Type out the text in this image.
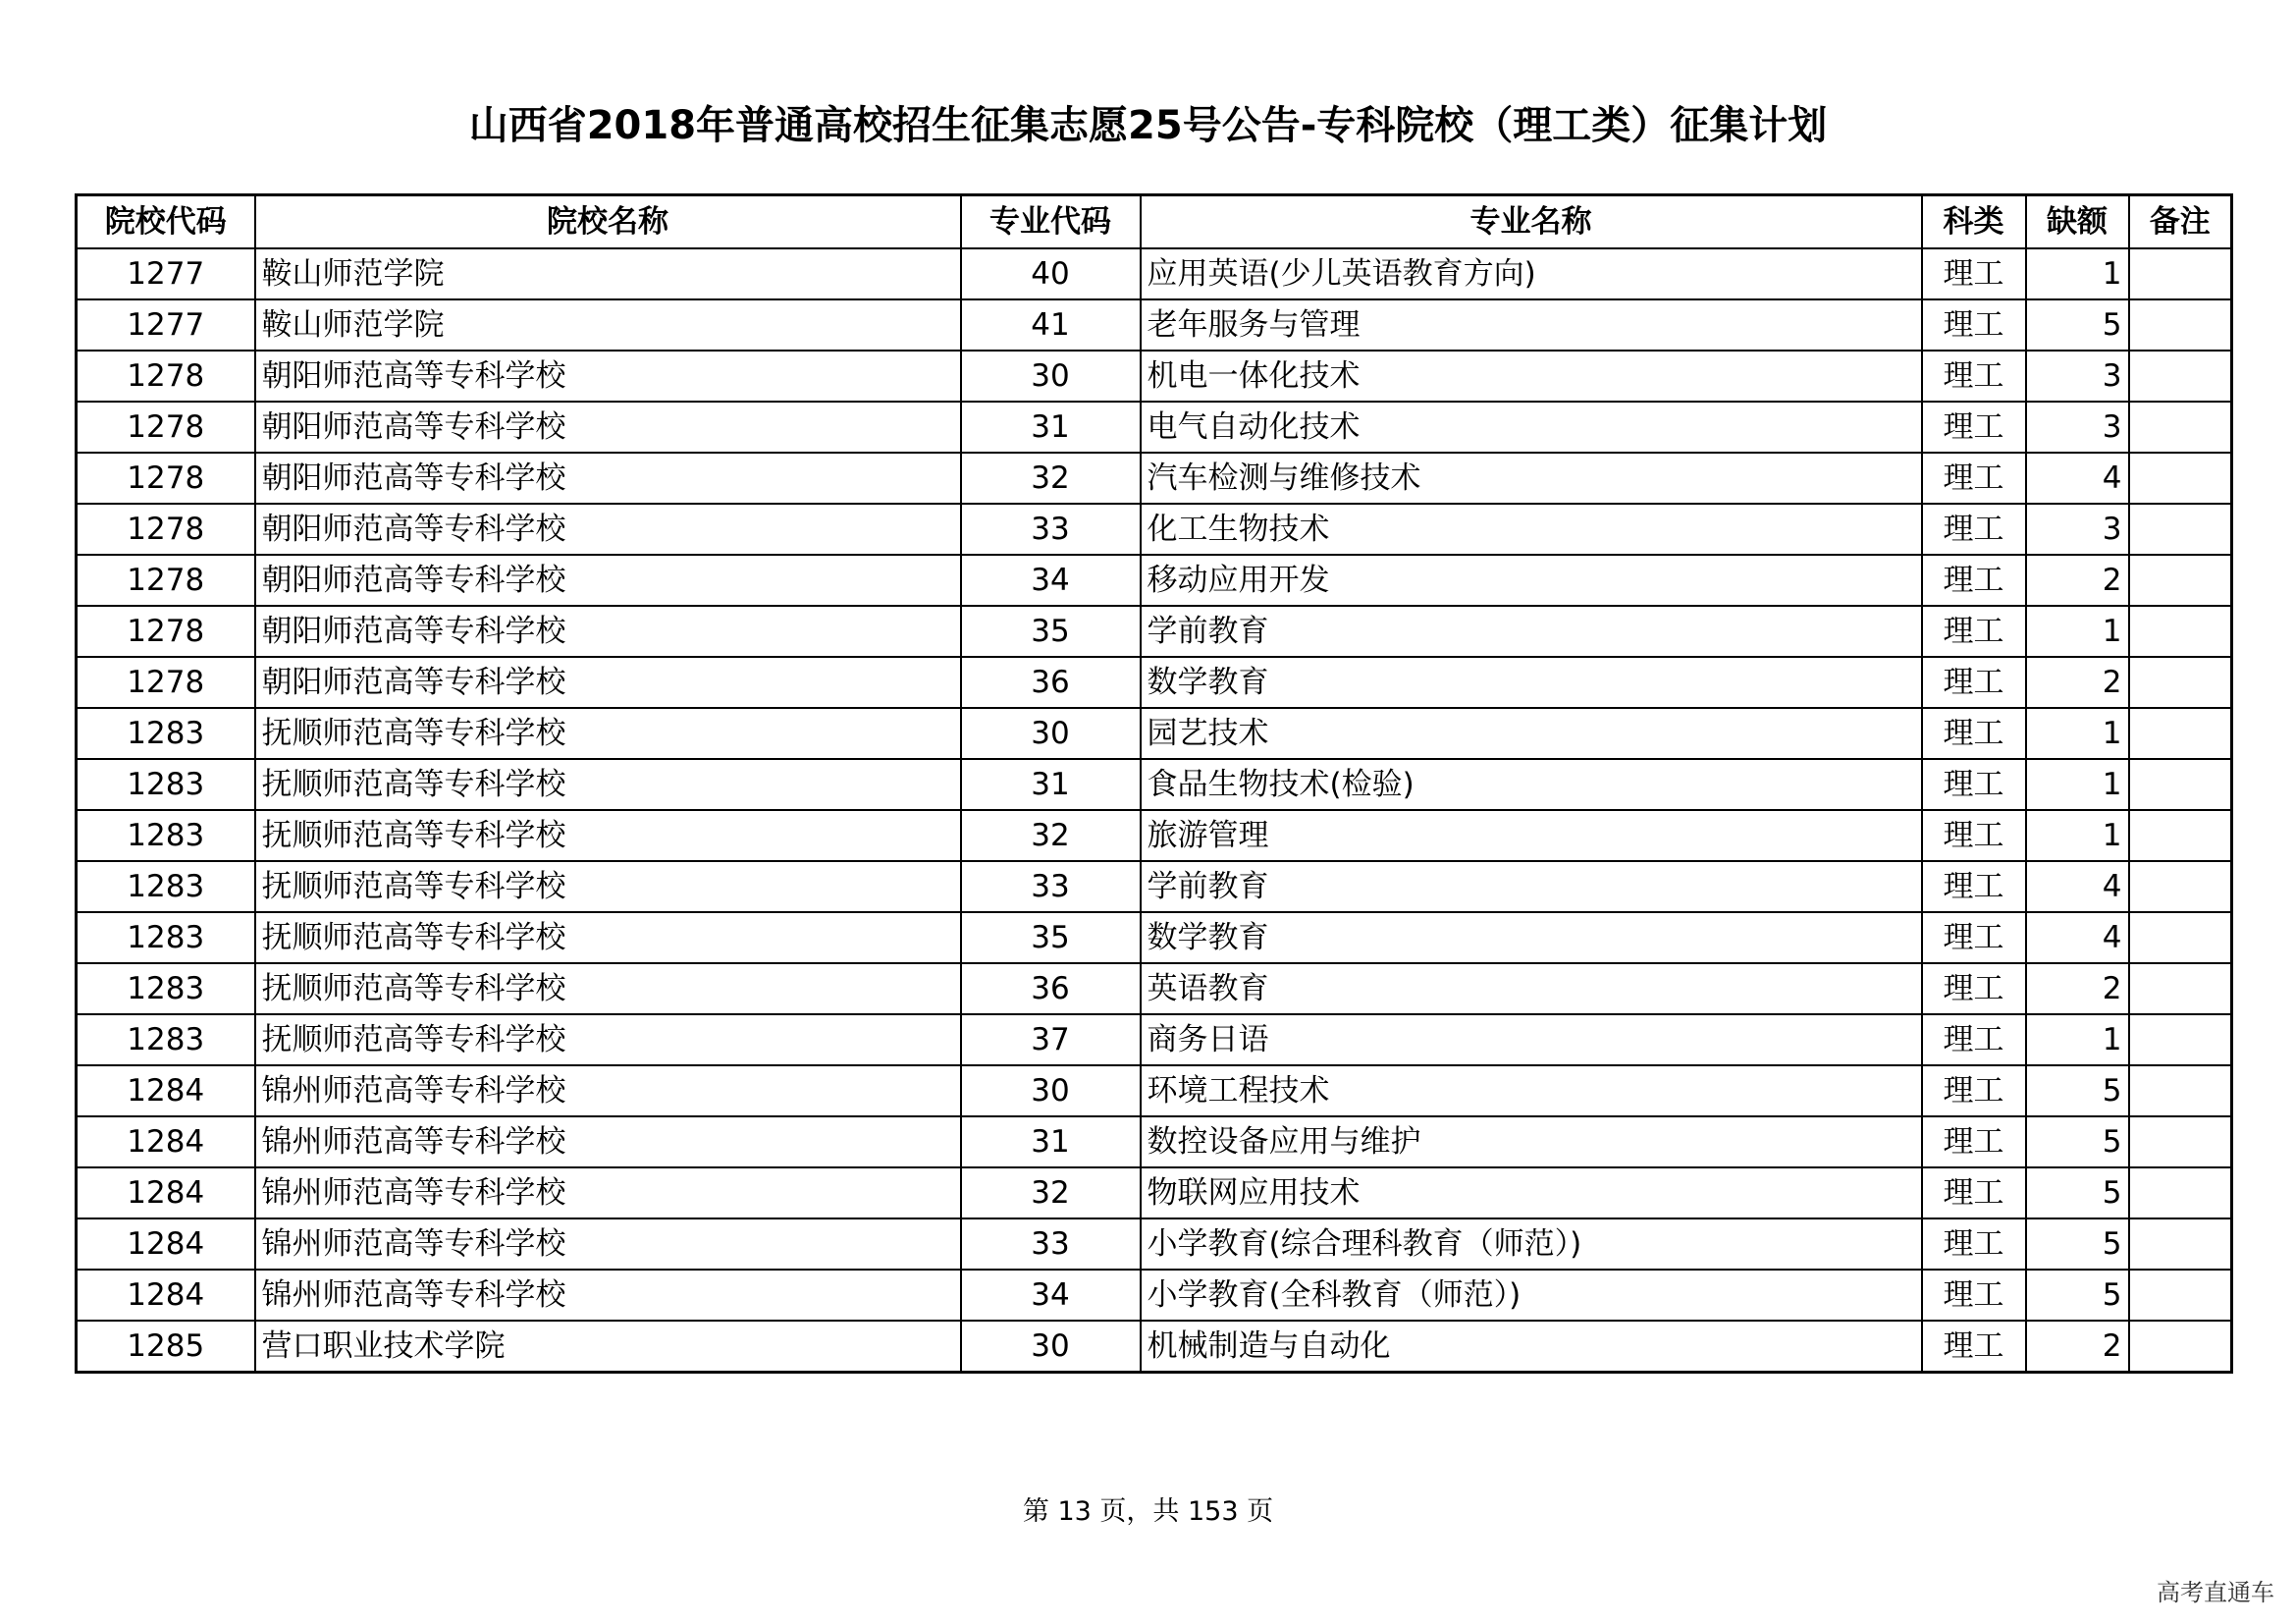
山西省2018年普通高校招生征集志愿25号公告-专科院校（理工类）征集计划
院校代码	院校名称	专业代码	专业名称	科类	缺额	备注
1277	鞍山师范学院	40	应用英语(少儿英语教育方向)	理工	1	
1277	鞍山师范学院	41	老年服务与管理	理工	5	
1278	朝阳师范高等专科学校	30	机电一体化技术	理工	3	
1278	朝阳师范高等专科学校	31	电气自动化技术	理工	3	
1278	朝阳师范高等专科学校	32	汽车检测与维修技术	理工	4	
1278	朝阳师范高等专科学校	33	化工生物技术	理工	3	
1278	朝阳师范高等专科学校	34	移动应用开发	理工	2	
1278	朝阳师范高等专科学校	35	学前教育	理工	1	
1278	朝阳师范高等专科学校	36	数学教育	理工	2	
1283	抚顺师范高等专科学校	30	园艺技术	理工	1	
1283	抚顺师范高等专科学校	31	食品生物技术(检验)	理工	1	
1283	抚顺师范高等专科学校	32	旅游管理	理工	1	
1283	抚顺师范高等专科学校	33	学前教育	理工	4	
1283	抚顺师范高等专科学校	35	数学教育	理工	4	
1283	抚顺师范高等专科学校	36	英语教育	理工	2	
1283	抚顺师范高等专科学校	37	商务日语	理工	1	
1284	锦州师范高等专科学校	30	环境工程技术	理工	5	
1284	锦州师范高等专科学校	31	数控设备应用与维护	理工	5	
1284	锦州师范高等专科学校	32	物联网应用技术	理工	5	
1284	锦州师范高等专科学校	33	小学教育(综合理科教育（师范）)	理工	5	
1284	锦州师范高等专科学校	34	小学教育(全科教育（师范）)	理工	5	
1285	营口职业技术学院	30	机械制造与自动化	理工	2	
第 13 页，共 153 页
高考直通车
